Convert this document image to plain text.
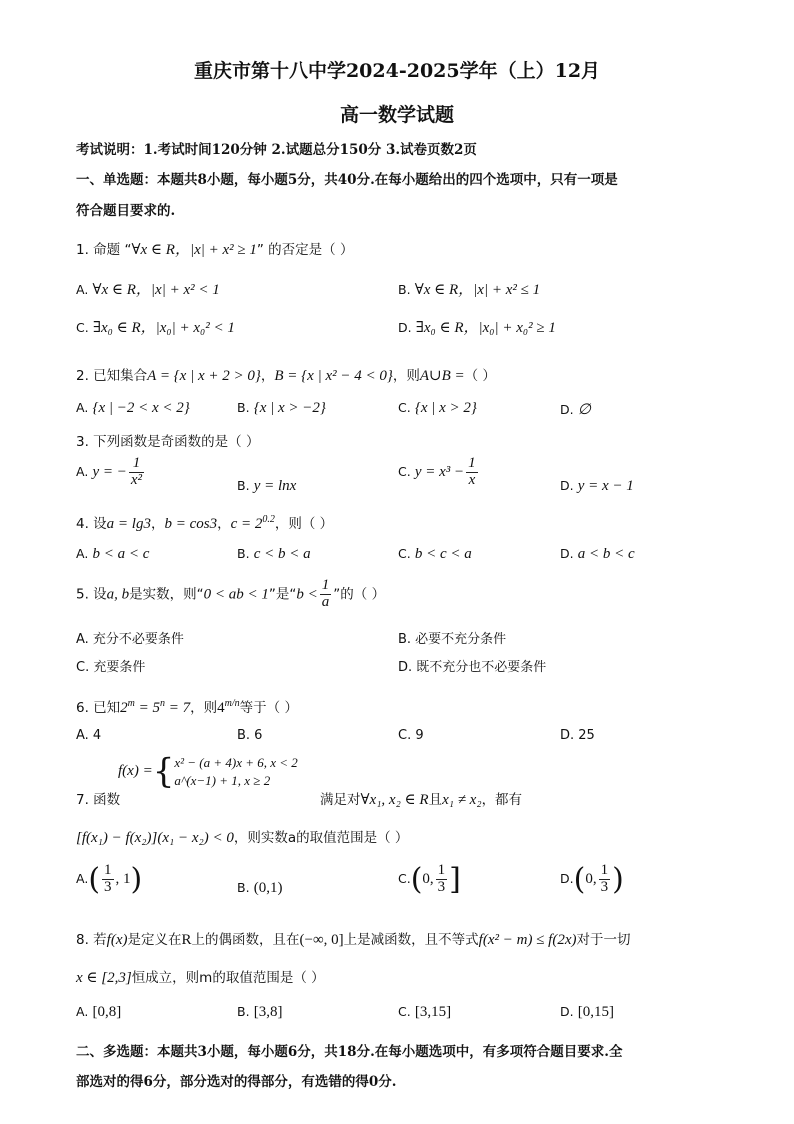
重庆市第十八中学2024-2025学年（上）12月
高一数学试题
考试说明：1.考试时间120分钟 2.试题总分150分 3.试卷页数2页
一、单选题：本题共8小题，每小题5分，共40分.在每小题给出的四个选项中，只有一项是
符合题目要求的.
1. 命题 “∀x ∈ R，|x| + x² ≥ 1” 的否定是（ ）
A. ∀x ∈ R，|x| + x² < 1	B. ∀x ∈ R，|x| + x² ≤ 1
C. ∃x₀ ∈ R，|x₀| + x₀² < 1	D. ∃x₀ ∈ R，|x₀| + x₀² ≥ 1
2. 已知集合A = {x | x + 2 > 0}，B = {x | x² − 4 < 0}，则A∪B =（ ）
A. {x | −2 < x < 2}	B. {x | x > −2}	C. {x | x > 2}	D. ∅
3. 下列函数是奇函数的是（ ）
A. y = − $\frac{1}{\text{x²}}$	B. y = lnx
C. $y = x^3 - \frac{1}{x}$	D. y = x − 1
4. 设a = lg3，b = cos3，$c = 2^{0.2}$，则（ ）
A. b < a < c	B. c < b < a	C. b < c < a	D. a < b < c
5. 设a, b是实数，则“0 < ab < 1”是“$b < \frac{1}{a}$ ”的（ ）
A. 充分不必要条件	B. 必要不充分条件
C. 充要条件	D. 既不充分也不必要条件
6. 已知$2^m = 5^n = 7$，则$4^{m/n}$等于（ ）
A. 4	B. 6	C. 9	D. 25
7. 函数
f(x) ={x² − (a + 4)x + 6, x < 2
a^(x−1) + 1, x ≥ 2
满足对∀x₁, x₂ ∈ R且x₁ ≠ x₂，都有
[f(x₁) − f(x₂)](x₁ − x₂) < 0，则实数a的取值范围是（ ）
$A.( \frac{1}{3}$ , 1)	B. (0,1)
C.(0, $\frac{1}{3}$ ]	D.(0, $\frac{1}{3}$ )
8. 若f(x)是定义在R上的偶函数，且在(−∞, 0]上是减函数，且不等式f(x² − m) ≤ f(2x)对于一切
x ∈ [2,3]恒成立，则m的取值范围是（ ）
A. [0,8]	B. [3,8]	C. [3,15]	D. [0,15]
二、多选题：本题共3小题，每小题6分，共18分.在每小题选项中，有多项符合题目要求.全
部选对的得6分，部分选对的得部分，有选错的得0分.
